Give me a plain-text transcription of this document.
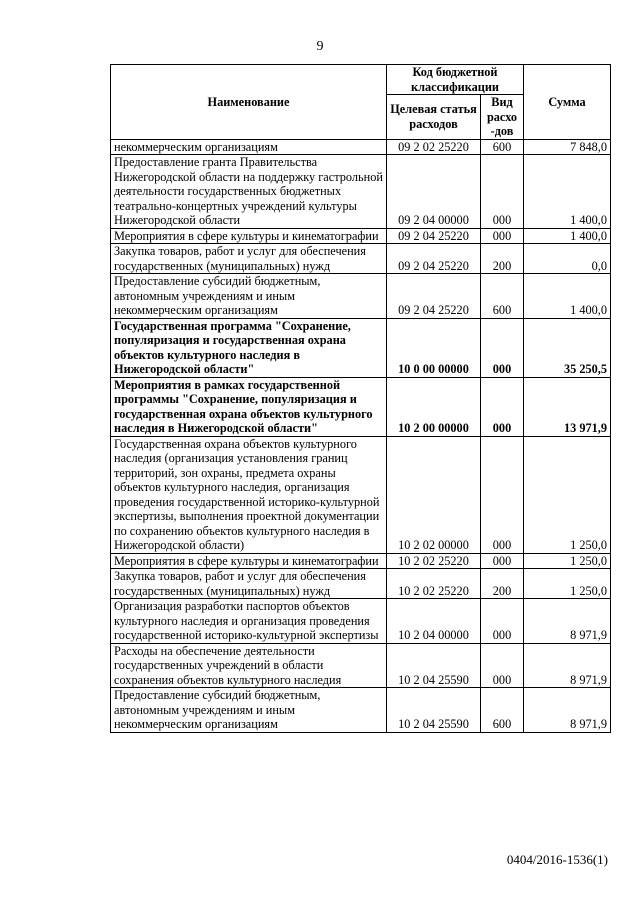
9
Наименование	Код бюджетной классификации		Сумма
	Целевая статья расходов	Вид расхо -дов	
некоммерческим организациям	09 2 02 25220	600	7 848,0
Предоставление гранта Правительства Нижегородской области на поддержку гастрольной деятельности государственных бюджетных театрально-концертных учреждений культуры Нижегородской области	09 2 04 00000	000	1 400,0
Мероприятия в сфере культуры и кинематографии	09 2 04 25220	000	1 400,0
Закупка товаров, работ и услуг для обеспечения государственных (муниципальных) нужд	09 2 04 25220	200	0,0
Предоставление субсидий бюджетным, автономным учреждениям и иным некоммерческим организациям	09 2 04 25220	600	1 400,0
Государственная программа "Сохранение, популяризация и государственная охрана объектов культурного наследия в Нижегородской области"	10 0 00 00000	000	35 250,5
Мероприятия в рамках государственной программы "Сохранение, популяризация и государственная охрана объектов культурного наследия в Нижегородской области"	10 2 00 00000	000	13 971,9
Государственная охрана объектов культурного наследия (организация установления границ территорий, зон охраны, предмета охраны объектов культурного наследия, организация проведения государственной историко-культурной экспертизы, выполнения проектной документации по сохранению объектов культурного наследия в Нижегородской области)	10 2 02 00000	000	1 250,0
Мероприятия в сфере культуры и кинематографии	10 2 02 25220	000	1 250,0
Закупка товаров, работ и услуг для обеспечения государственных (муниципальных) нужд	10 2 02 25220	200	1 250,0
Организация разработки паспортов объектов культурного наследия и организация проведения государственной историко-культурной экспертизы	10 2 04 00000	000	8 971,9
Расходы на обеспечение деятельности государственных учреждений в области сохранения объектов культурного наследия	10 2 04 25590	000	8 971,9
Предоставление субсидий бюджетным, автономным учреждениям и иным некоммерческим организациям	10 2 04 25590	600	8 971,9
0404/2016-1536(1)
